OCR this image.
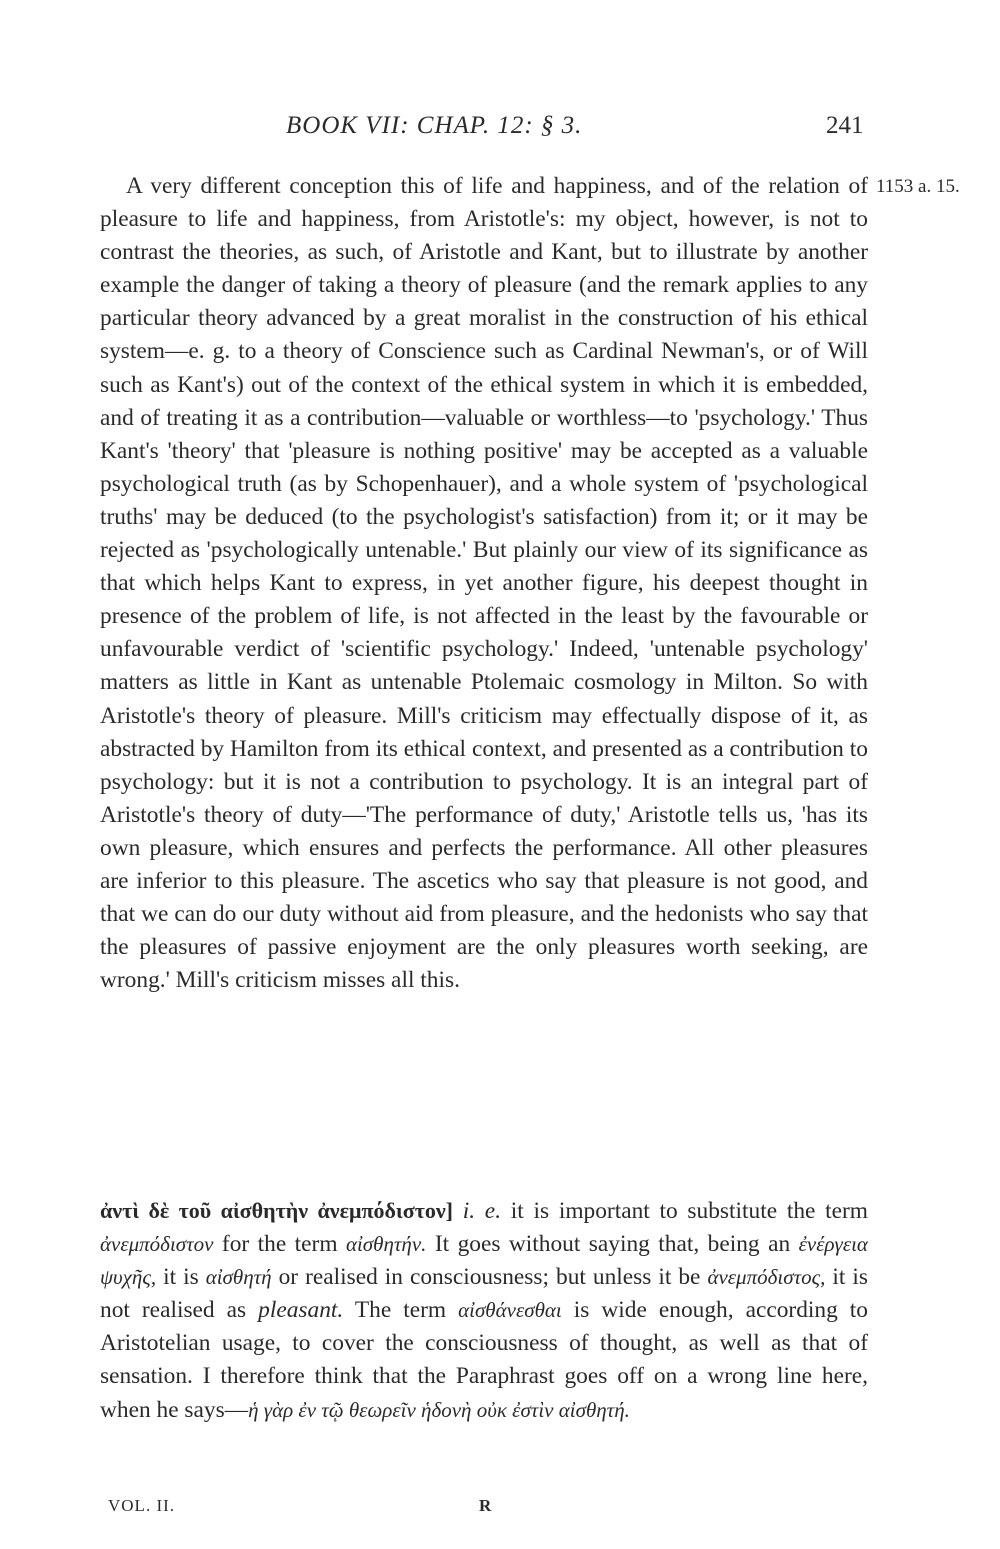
BOOK VII: CHAP. 12: § 3.	241
1153 a. 15.

A very different conception this of life and happiness, and of the relation of pleasure to life and happiness, from Aristotle's: my object, however, is not to contrast the theories, as such, of Aristotle and Kant, but to illustrate by another example the danger of taking a theory of pleasure (and the remark applies to any particular theory advanced by a great moralist in the construction of his ethical system—e. g. to a theory of Conscience such as Cardinal Newman's, or of Will such as Kant's) out of the context of the ethical system in which it is embedded, and of treating it as a contribution—valuable or worthless—to 'psychology.' Thus Kant's 'theory' that 'pleasure is nothing positive' may be accepted as a valuable psychological truth (as by Schopenhauer), and a whole system of 'psychological truths' may be deduced (to the psychologist's satisfaction) from it; or it may be rejected as 'psychologically untenable.' But plainly our view of its significance as that which helps Kant to express, in yet another figure, his deepest thought in presence of the problem of life, is not affected in the least by the favourable or unfavourable verdict of 'scientific psychology.' Indeed, 'untenable psychology' matters as little in Kant as untenable Ptolemaic cosmology in Milton. So with Aristotle's theory of pleasure. Mill's criticism may effectually dispose of it, as abstracted by Hamilton from its ethical context, and presented as a contribution to psychology: but it is not a contribution to psychology. It is an integral part of Aristotle's theory of duty—'The performance of duty,' Aristotle tells us, 'has its own pleasure, which ensures and perfects the performance. All other pleasures are inferior to this pleasure. The ascetics who say that pleasure is not good, and that we can do our duty without aid from pleasure, and the hedonists who say that the pleasures of passive enjoyment are the only pleasures worth seeking, are wrong.' Mill's criticism misses all this.

ἀντὶ δὲ τοῦ αἰσθητὴν ἀνεμπόδιστον] i. e. it is important to substitute the term ἀνεμπόδιστον for the term αἰσθητήν. It goes without saying that, being an ἐνέργεια ψυχῆς, it is αἰσθητή or realised in consciousness; but unless it be ἀνεμπόδιστος, it is not realised as pleasant. The term αἰσθάνεσθαι is wide enough, according to Aristotelian usage, to cover the consciousness of thought, as well as that of sensation. I therefore think that the Paraphrast goes off on a wrong line here, when he says—ἡ γὰρ ἐν τῷ θεωρεῖν ἡδονὴ οὐκ ἐστὶν αἰσθητή.

VOL. II.	R
